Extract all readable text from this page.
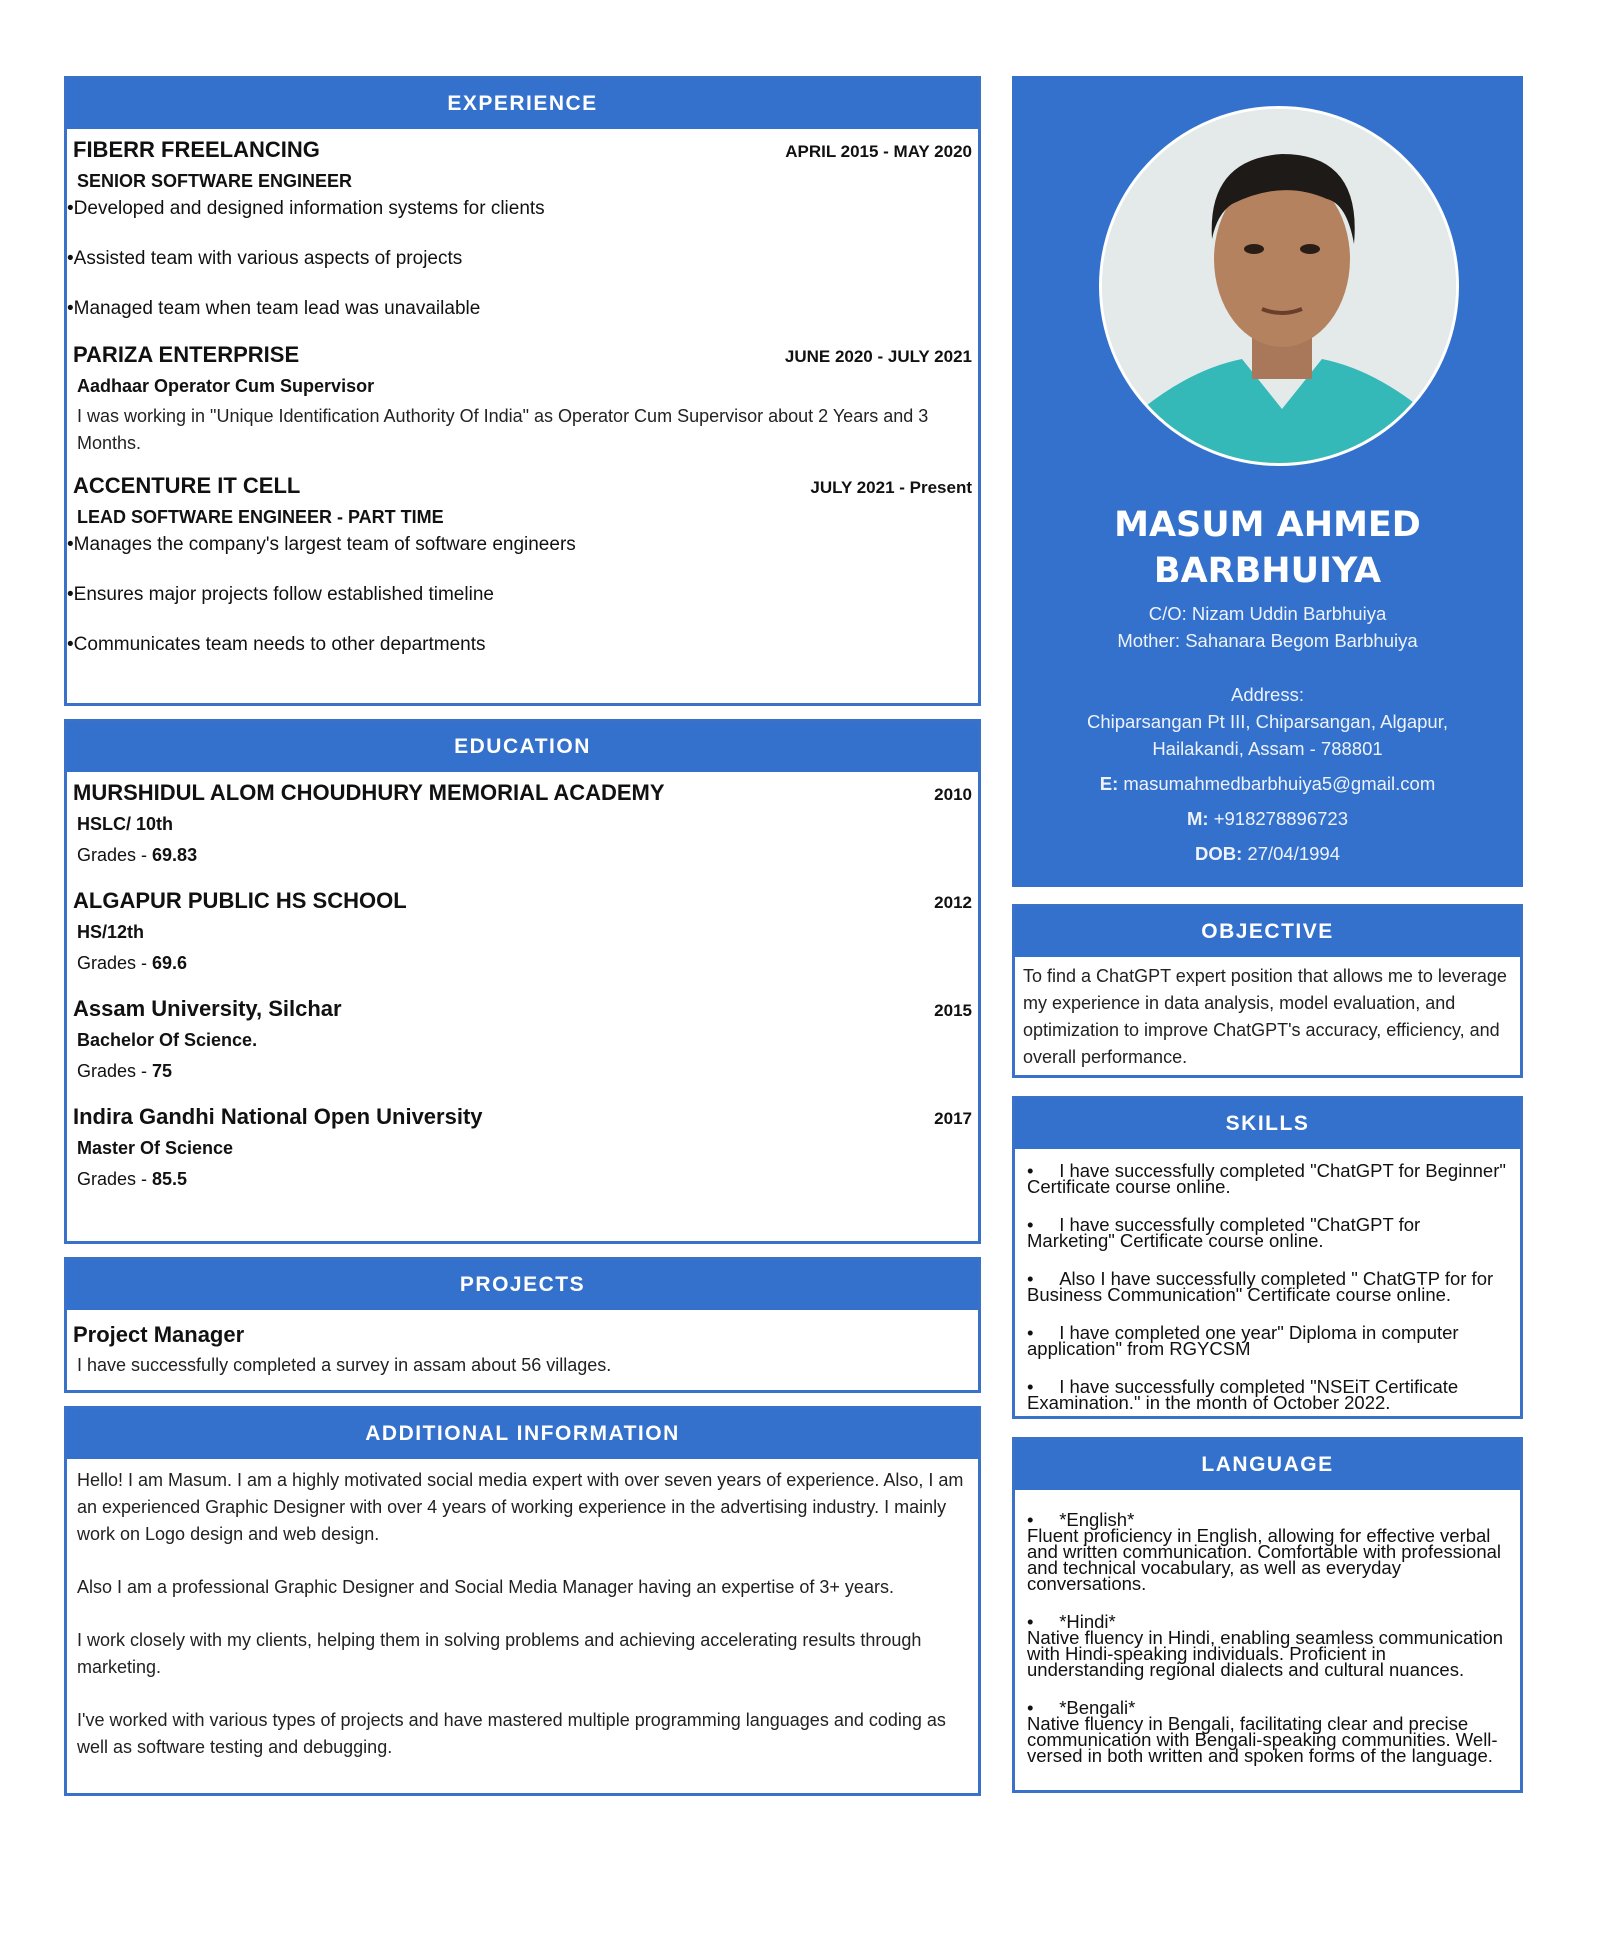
EXPERIENCE
FIBERR FREELANCING	APRIL 2015 - MAY 2020
SENIOR SOFTWARE ENGINEER
•Developed and designed information systems for clients
•Assisted team with various aspects of projects
•Managed team when team lead was unavailable
PARIZA ENTERPRISE	JUNE 2020 - JULY 2021
Aadhaar Operator Cum Supervisor
I was working in "Unique Identification Authority Of India" as Operator Cum Supervisor about 2 Years and 3 Months.
ACCENTURE IT CELL	JULY 2021 - Present
LEAD SOFTWARE ENGINEER - PART TIME
•Manages the company's largest team of software engineers
•Ensures major projects follow established timeline
•Communicates team needs to other departments
EDUCATION
MURSHIDUL ALOM CHOUDHURY MEMORIAL ACADEMY	2010
HSLC/ 10th
Grades - 69.83
ALGAPUR PUBLIC HS SCHOOL	2012
HS/12th
Grades - 69.6
Assam University, Silchar	2015
Bachelor Of Science.
Grades - 75
Indira Gandhi National Open University	2017
Master Of Science
Grades - 85.5
PROJECTS
Project Manager
I have successfully completed a survey in assam about 56 villages.
ADDITIONAL INFORMATION

Hello! I am Masum. I am a highly motivated social media expert with over seven years of experience. Also, I am an experienced Graphic Designer with over 4 years of working experience in the advertising industry. I mainly work on Logo design and web design.

Also I am a professional Graphic Designer and Social Media Manager having an expertise of 3+ years.

I work closely with my clients, helping them in solving problems and achieving accelerating results through marketing.

I've worked with various types of projects and have mastered multiple programming languages and coding as well as software testing and debugging.

MASUM AHMED
BARBHUIYA

C/O: Nizam Uddin Barbhuiya

Mother: Sahanara Begom Barbhuiya

Address:

Chiparsangan Pt III, Chiparsangan, Algapur,

Hailakandi, Assam - 788801

E: masumahmedbarbhuiya5@gmail.com

M: +918278896723

DOB: 27/04/1994

OBJECTIVE
To find a ChatGPT expert position that allows me to leverage my experience in data analysis, model evaluation, and optimization to improve ChatGPT's accuracy, efficiency, and overall performance.
SKILLS
•     I have successfully completed "ChatGPT for Beginner" Certificate course online.
•     I have successfully completed "ChatGPT for Marketing" Certificate course online.
•     Also I have successfully completed " ChatGTP for for Business Communication" Certificate course online.
•     I have completed one year" Diploma in computer application" from RGYCSM
•     I have successfully completed "NSEiT Certificate Examination." in the month of October 2022.
LANGUAGE
•     *English*
Fluent proficiency in English, allowing for effective verbal and written communication. Comfortable with professional and technical vocabulary, as well as everyday conversations.
•     *Hindi*
Native fluency in Hindi, enabling seamless communication with Hindi-speaking individuals. Proficient in understanding regional dialects and cultural nuances.
•     *Bengali*
Native fluency in Bengali, facilitating clear and precise communication with Bengali-speaking communities. Well-versed in both written and spoken forms of the language.
